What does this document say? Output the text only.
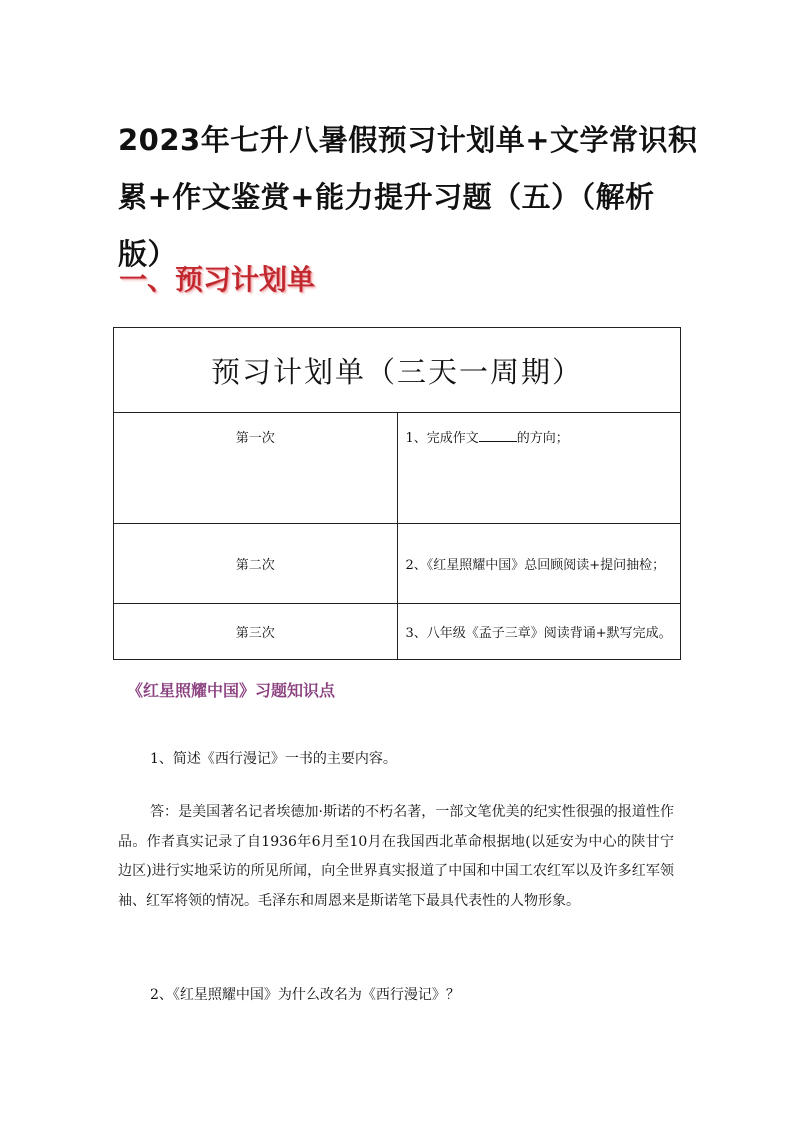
2023年七升八暑假预习计划单+文学常识积累+作文鉴赏+能力提升习题（五）（解析版）
一、预习计划单
预习计划单（三天一周期）	
第一次	1、完成作文 的方向；
第二次	2、《红星照耀中国》总回顾阅读+提问抽检；
第三次	3、八年级《孟子三章》阅读背诵+默写完成。
《红星照耀中国》习题知识点

1、简述《西行漫记》一书的主要内容。

答：是美国著名记者埃德加·斯诺的不朽名著，一部文笔优美的纪实性很强的报道性作品。作者真实记录了自1936年6月至10月在我国西北革命根据地(以延安为中心的陕甘宁边区)进行实地采访的所见所闻，向全世界真实报道了中国和中国工农红军以及许多红军领袖、红军将领的情况。毛泽东和周恩来是斯诺笔下最具代表性的人物形象。

2、《红星照耀中国》为什么改名为《西行漫记》？
